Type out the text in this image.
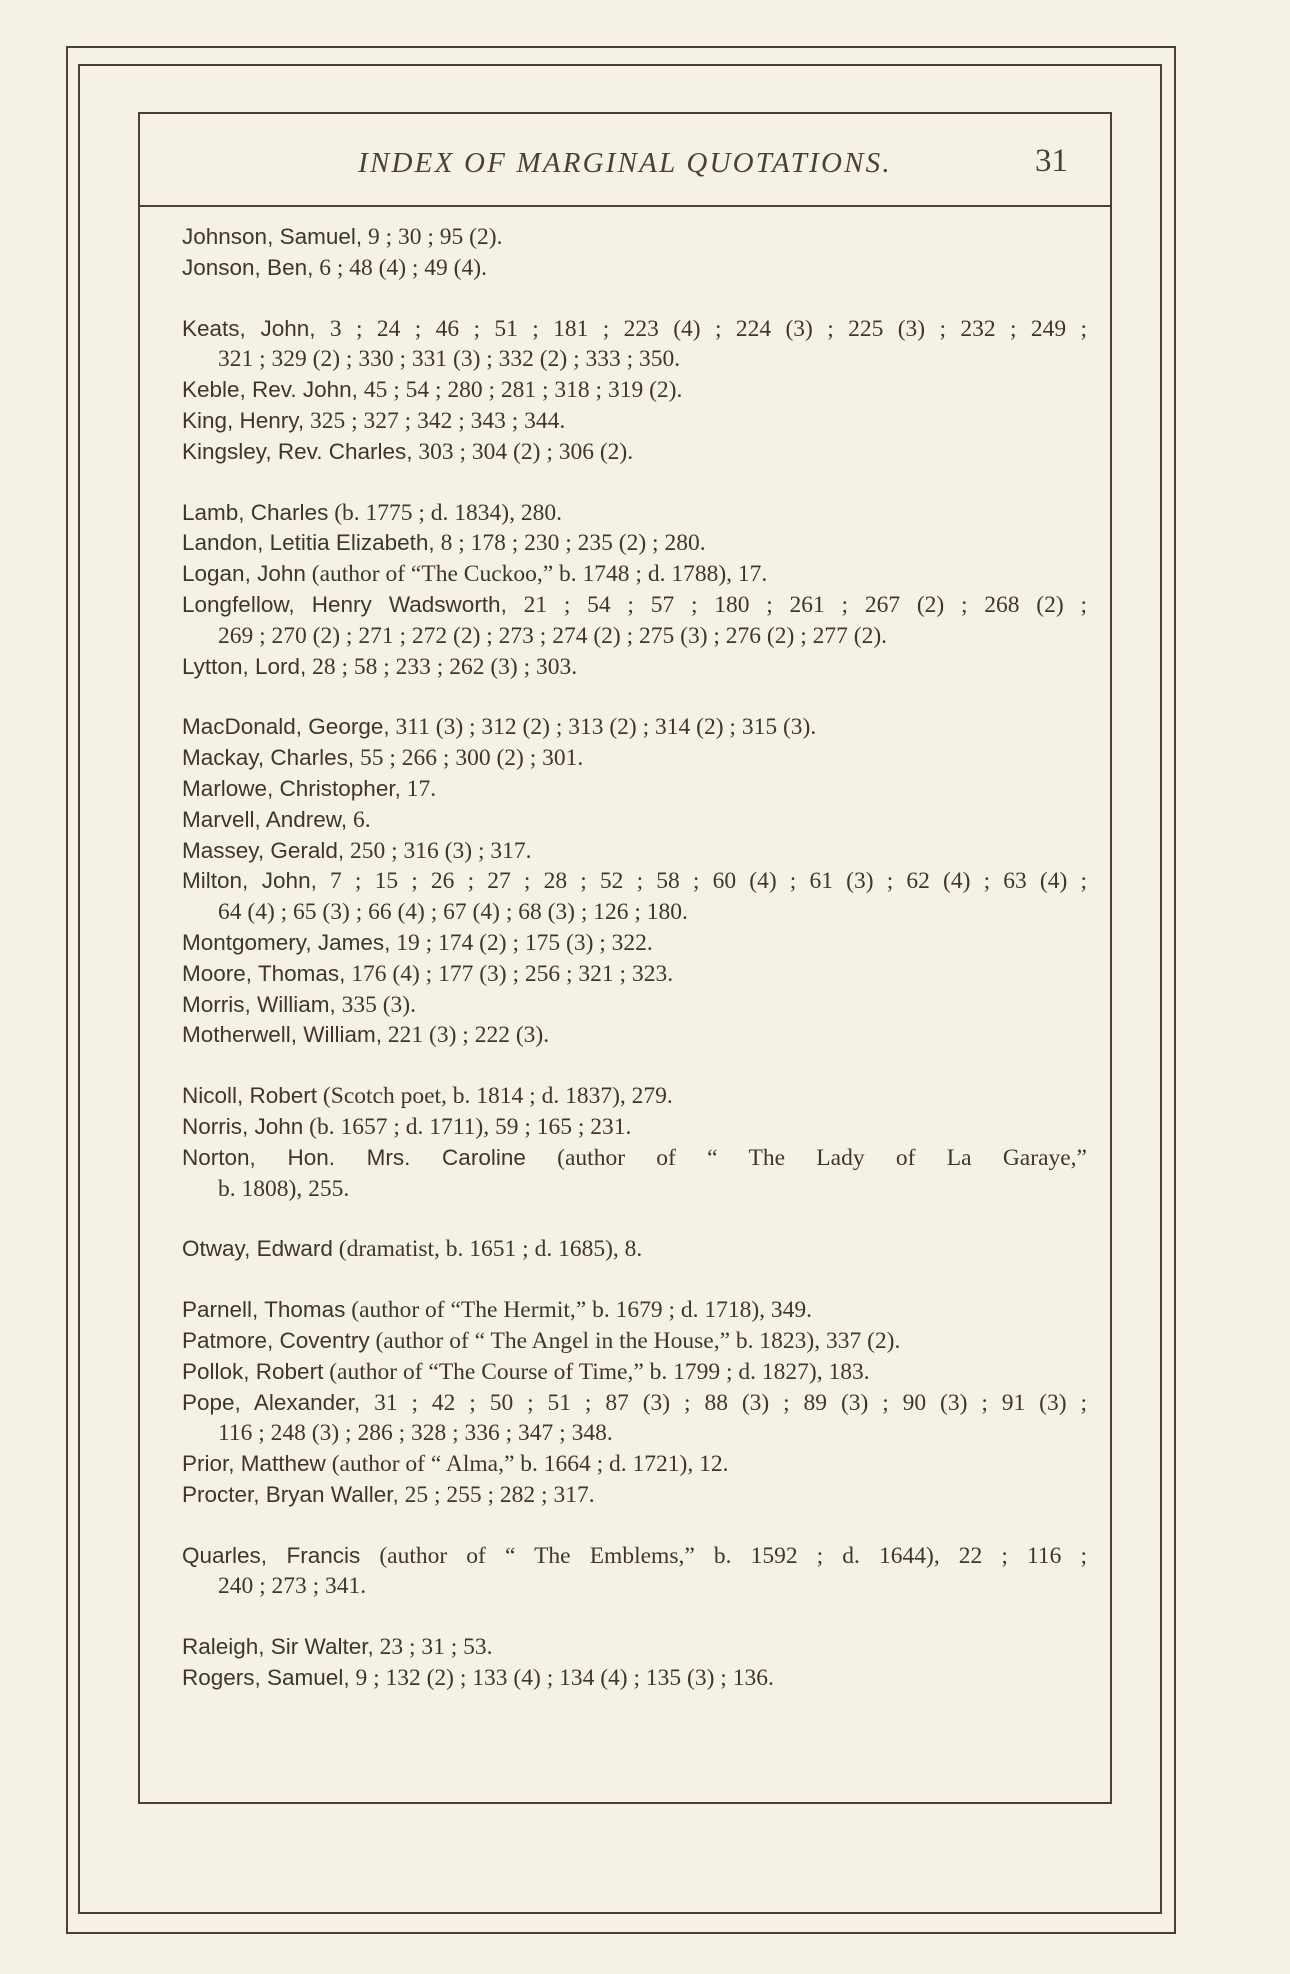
INDEX OF MARGINAL QUOTATIONS.	31

Johnson, Samuel, 9 ; 30 ; 95 (2).

Jonson, Ben, 6 ; 48 (4) ; 49 (4).

Keats, John, 3 ; 24 ; 46 ; 51 ; 181 ; 223 (4) ; 224 (3) ; 225 (3) ; 232 ; 249 ;
321 ; 329 (2) ; 330 ; 331 (3) ; 332 (2) ; 333 ; 350.

Keble, Rev. John, 45 ; 54 ; 280 ; 281 ; 318 ; 319 (2).

King, Henry, 325 ; 327 ; 342 ; 343 ; 344.

Kingsley, Rev. Charles, 303 ; 304 (2) ; 306 (2).

Lamb, Charles (b. 1775 ; d. 1834), 280.

Landon, Letitia Elizabeth, 8 ; 178 ; 230 ; 235 (2) ; 280.

Logan, John (author of “The Cuckoo,” b. 1748 ; d. 1788), 17.

Longfellow, Henry Wadsworth, 21 ; 54 ; 57 ; 180 ; 261 ; 267 (2) ; 268 (2) ;
269 ; 270 (2) ; 271 ; 272 (2) ; 273 ; 274 (2) ; 275 (3) ; 276 (2) ; 277 (2).

Lytton, Lord, 28 ; 58 ; 233 ; 262 (3) ; 303.

MacDonald, George, 311 (3) ; 312 (2) ; 313 (2) ; 314 (2) ; 315 (3).

Mackay, Charles, 55 ; 266 ; 300 (2) ; 301.

Marlowe, Christopher, 17.

Marvell, Andrew, 6.

Massey, Gerald, 250 ; 316 (3) ; 317.

Milton, John, 7 ; 15 ; 26 ; 27 ; 28 ; 52 ; 58 ; 60 (4) ; 61 (3) ; 62 (4) ; 63 (4) ;
64 (4) ; 65 (3) ; 66 (4) ; 67 (4) ; 68 (3) ; 126 ; 180.

Montgomery, James, 19 ; 174 (2) ; 175 (3) ; 322.

Moore, Thomas, 176 (4) ; 177 (3) ; 256 ; 321 ; 323.

Morris, William, 335 (3).

Motherwell, William, 221 (3) ; 222 (3).

Nicoll, Robert (Scotch poet, b. 1814 ; d. 1837), 279.

Norris, John (b. 1657 ; d. 1711), 59 ; 165 ; 231.

Norton, Hon. Mrs. Caroline (author of “ The Lady of La Garaye,”
b. 1808), 255.

Otway, Edward (dramatist, b. 1651 ; d. 1685), 8.

Parnell, Thomas (author of “The Hermit,” b. 1679 ; d. 1718), 349.

Patmore, Coventry (author of “ The Angel in the House,” b. 1823), 337 (2).

Pollok, Robert (author of “The Course of Time,” b. 1799 ; d. 1827), 183.

Pope, Alexander, 31 ; 42 ; 50 ; 51 ; 87 (3) ; 88 (3) ; 89 (3) ; 90 (3) ; 91 (3) ;
116 ; 248 (3) ; 286 ; 328 ; 336 ; 347 ; 348.

Prior, Matthew (author of “ Alma,” b. 1664 ; d. 1721), 12.

Procter, Bryan Waller, 25 ; 255 ; 282 ; 317.

Quarles, Francis (author of “ The Emblems,” b. 1592 ; d. 1644), 22 ; 116 ;
240 ; 273 ; 341.

Raleigh, Sir Walter, 23 ; 31 ; 53.

Rogers, Samuel, 9 ; 132 (2) ; 133 (4) ; 134 (4) ; 135 (3) ; 136.
